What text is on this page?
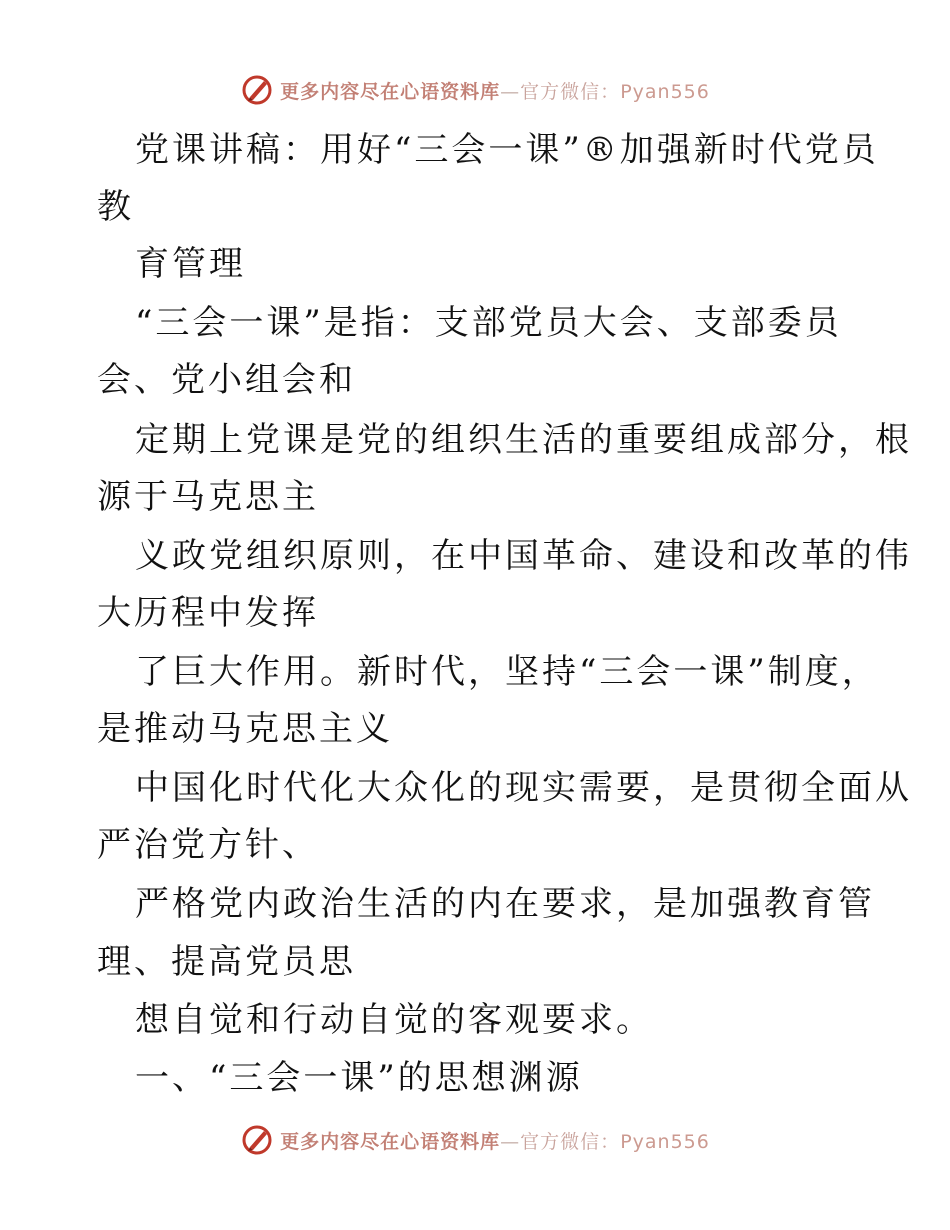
更多内容尽在心语资料库—官方微信：Pyan556
党课讲稿：用好“三会一课”®加强新时代党员
教
育管理
“三会一课”是指：支部党员大会、支部委员
会、党小组会和
定期上党课是党的组织生活的重要组成部分，根
源于马克思主
义政党组织原则，在中国革命、建设和改革的伟
大历程中发挥
了巨大作用。新时代，坚持“三会一课”制度，
是推动马克思主义
中国化时代化大众化的现实需要，是贯彻全面从
严治党方针、
严格党内政治生活的内在要求，是加强教育管
理、提高党员思
想自觉和行动自觉的客观要求。
一、“三会一课”的思想渊源
更多内容尽在心语资料库—官方微信：Pyan556
